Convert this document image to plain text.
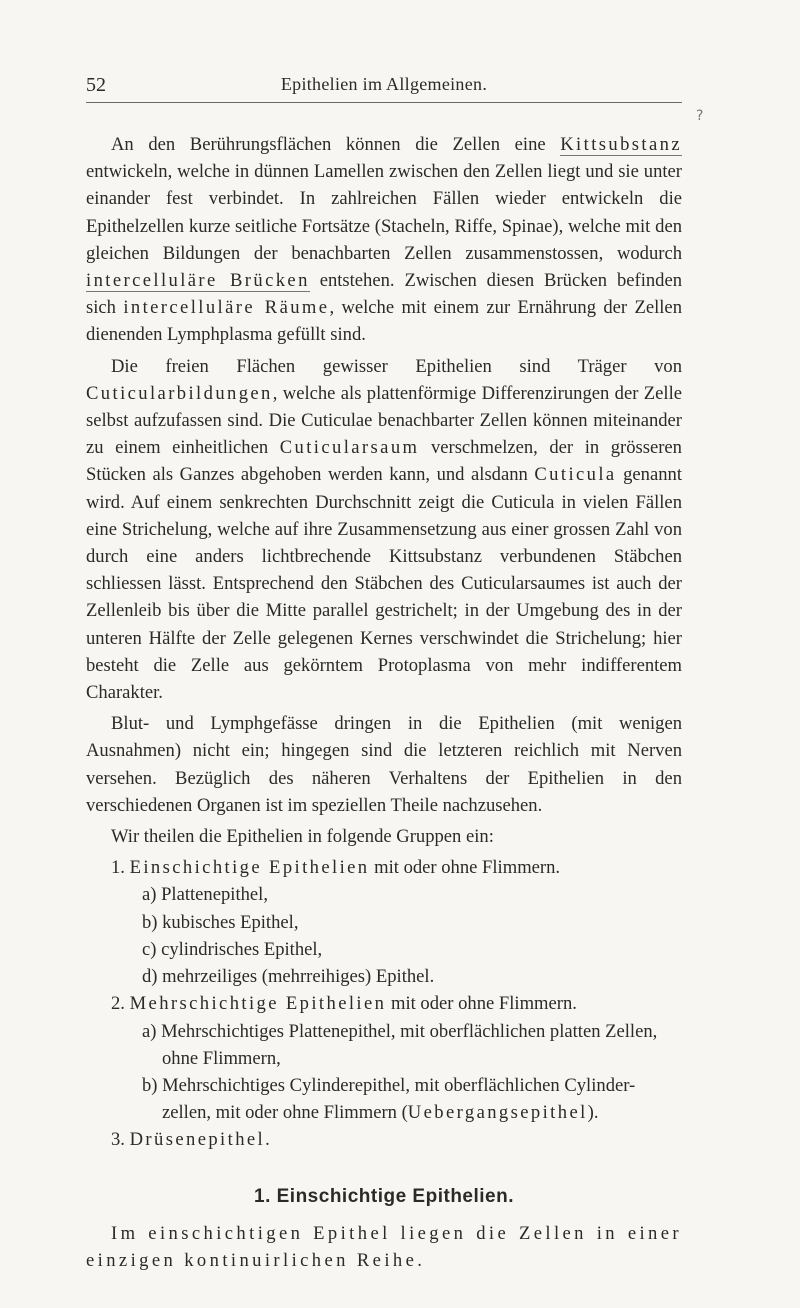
?
52	Epithelien im Allgemeinen.

An den Berührungsflächen können die Zellen eine Kittsubstanz entwickeln, welche in dünnen Lamellen zwischen den Zellen liegt und sie unter einander fest verbindet. In zahlreichen Fällen wieder entwickeln die Epithelzellen kurze seitliche Fortsätze (Stacheln, Riffe, Spinae), welche mit den gleichen Bildungen der benachbarten Zellen zusammenstossen, wodurch intercelluläre Brücken entstehen. Zwischen diesen Brücken befinden sich intercelluläre Räume, welche mit einem zur Ernährung der Zellen dienenden Lymphplasma gefüllt sind.

Die freien Flächen gewisser Epithelien sind Träger von Cuticularbildungen, welche als plattenförmige Differenzirungen der Zelle selbst aufzufassen sind. Die Cuticulae benachbarter Zellen können miteinander zu einem einheitlichen Cuticularsaum verschmelzen, der in grösseren Stücken als Ganzes abgehoben werden kann, und alsdann Cuticula genannt wird. Auf einem senkrechten Durchschnitt zeigt die Cuticula in vielen Fällen eine Strichelung, welche auf ihre Zusammensetzung aus einer grossen Zahl von durch eine anders lichtbrechende Kittsubstanz verbundenen Stäbchen schliessen lässt. Entsprechend den Stäbchen des Cuticularsaumes ist auch der Zellenleib bis über die Mitte parallel gestrichelt; in der Umgebung des in der unteren Hälfte der Zelle gelegenen Kernes verschwindet die Strichelung; hier besteht die Zelle aus gekörntem Protoplasma von mehr indifferentem Charakter.

Blut- und Lymphgefässe dringen in die Epithelien (mit wenigen Ausnahmen) nicht ein; hingegen sind die letzteren reichlich mit Nerven versehen. Bezüglich des näheren Verhaltens der Epithelien in den verschiedenen Organen ist im speziellen Theile nachzusehen.

Wir theilen die Epithelien in folgende Gruppen ein:

1. Einschichtige Epithelien mit oder ohne Flimmern.
a) Plattenepithel,
b) kubisches Epithel,
c) cylindrisches Epithel,
d) mehrzeiliges (mehrreihiges) Epithel.
2. Mehrschichtige Epithelien mit oder ohne Flimmern.
a) Mehrschichtiges Plattenepithel, mit oberflächlichen platten Zellen,
ohne Flimmern,
b) Mehrschichtiges Cylinderepithel, mit oberflächlichen Cylinder-
zellen, mit oder ohne Flimmern (Uebergangsepithel).
3. Drüsenepithel.
1. Einschichtige Epithelien.

Im einschichtigen Epithel liegen die Zellen in einer einzigen kontinuirlichen Reihe.
